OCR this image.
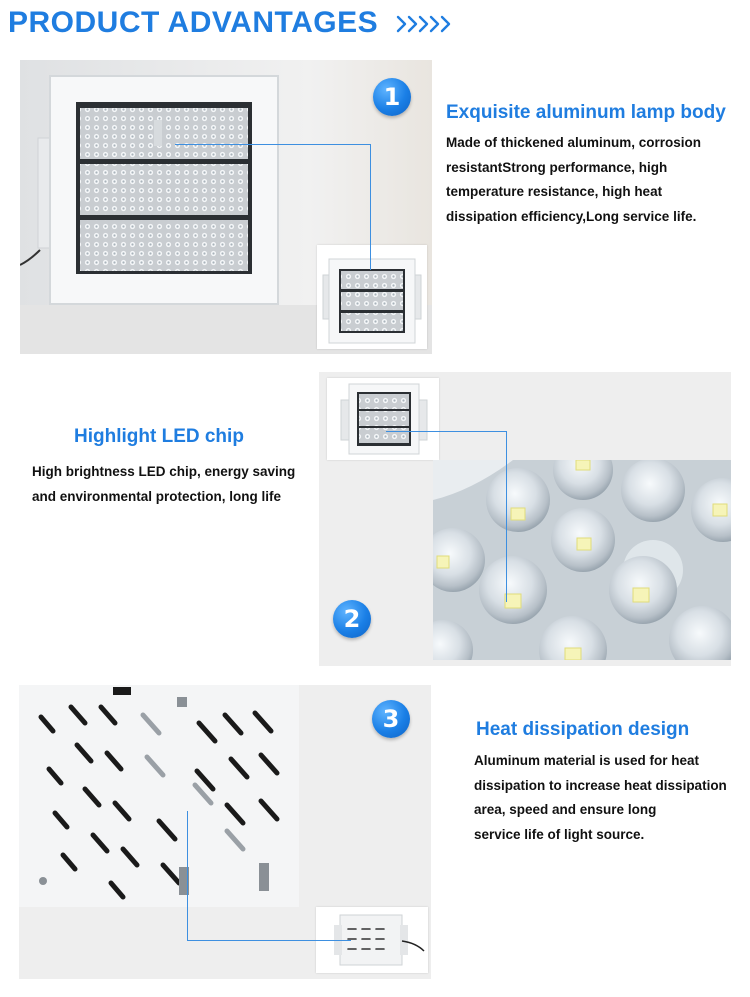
PRODUCT ADVANTAGES
1
Exquisite aluminum lamp body
Made of thickened aluminum, corrosion
resistantStrong performance, high
temperature resistance, high heat
dissipation efficiency,Long service life.
Highlight LED chip
High brightness LED chip, energy saving
and environmental protection, long life
2
3	Heat dissipation design
Aluminum material is used for heat
dissipation to increase heat dissipation
area, speed and ensure long
service life of light source.
